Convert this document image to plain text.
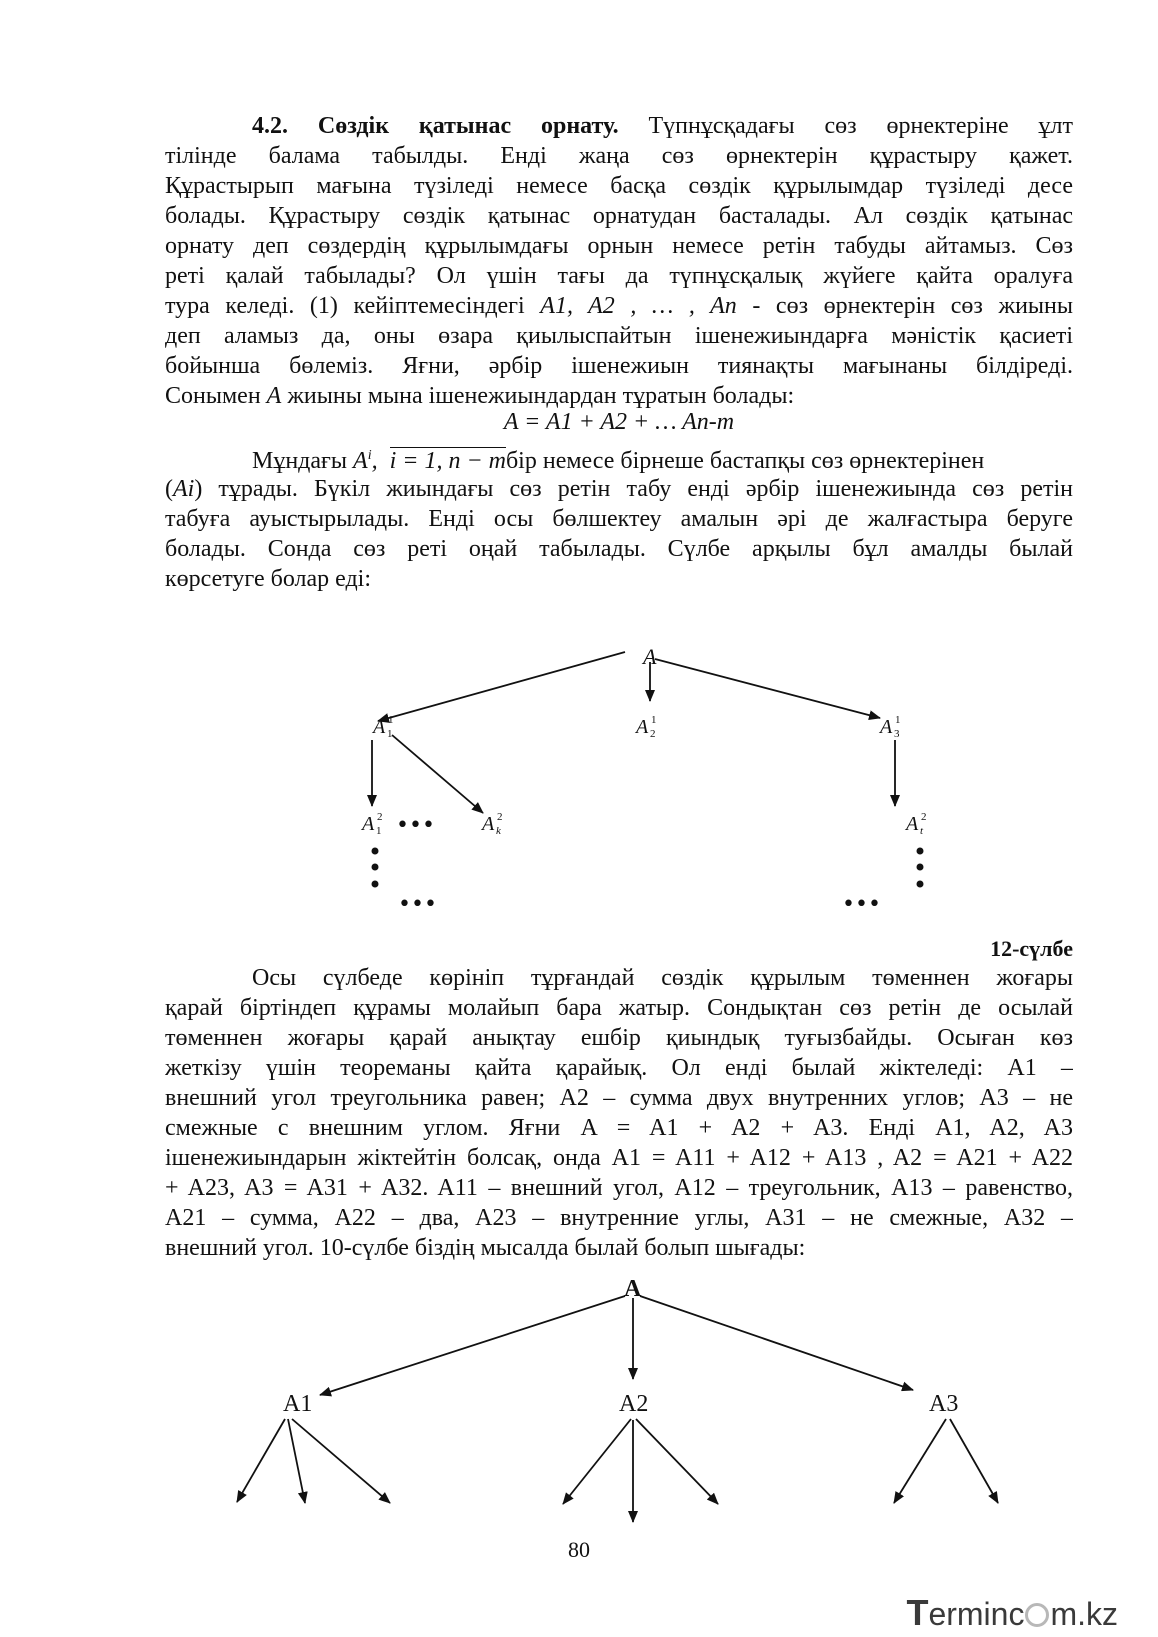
4.2. Сөздік қатынас орнату. Түпнұсқадағы сөз өрнектеріне ұлт
тілінде балама табылды. Енді жаңа сөз өрнектерін құрастыру қажет.
Құрастырып мағына түзіледі немесе басқа сөздік құрылымдар түзіледі десе
болады. Құрастыру сөздік қатынас орнатудан басталады. Ал сөздік қатынас
орнату деп сөздердің құрылымдағы орнын немесе ретін табуды айтамыз. Сөз
реті қалай табылады? Ол үшін тағы да түпнұсқалық жүйеге қайта оралуға
тура келеді. (1) кейіптемесіндегі A1, A2 , … , An - сөз өрнектерін сөз жиыны
деп аламыз да, оны өзара қиылыспайтын ішенежиындарға мәністік қасиеті
бойынша бөлеміз. Яғни, әрбір ішенежиын тиянақты мағынаны білдіреді.
Сонымен A жиыны мына ішенежиындардан тұратын болады:
A = A1 + A2 + … An-m
Мұндағы $A^i$, i = 1, n − mбір немесе бірнеше бастапқы сөз өрнектерінен
(Ai) тұрады. Бүкіл жиындағы сөз ретін табу енді әрбір ішенежиында сөз ретін
табуға ауыстырылады. Енді осы бөлшектеу амалын әрі де жалғастыра беруге
болады. Сонда сөз реті оңай табылады. Сүлбе арқылы бұл амалды былай
көрсетуге болар еді:
A
A 1
1	A 1
2	A 1
3
A 2
1	A 2
k	A 2
t
•••
•••	•••
A
A1	A2	A3
12-сүлбе
Осы сүлбеде көрініп тұрғандай сөздік құрылым төменнен жоғары
қарай біртіндеп құрамы молайып бара жатыр. Сондықтан сөз ретін де осылай
төменнен жоғары қарай анықтау ешбір қиындық туғызбайды. Осыған көз
жеткізу үшін теореманы қайта қарайық. Ол енді былай жіктеледі: A1 –
внешний угол треугольника равен; A2 – сумма двух внутренних углов; A3 – не
смежные с внешним углом. Яғни A = A1 + A2 + A3. Енді A1, A2, A3
ішенежиындарын жіктейтін болсақ, онда A1 = A11 + A12 + A13 , A2 = A21 + A22
+ A23, A3 = A31 + A32. A11 – внешний угол, A12 – треугольник, A13 – равенство,
A21 – сумма, A22 – два, A23 – внутренние углы, A31 – не смежные, A32 –
внешний угол. 10-сүлбе біздің мысалда былай болып шығады:
80
Terminc m.kz
